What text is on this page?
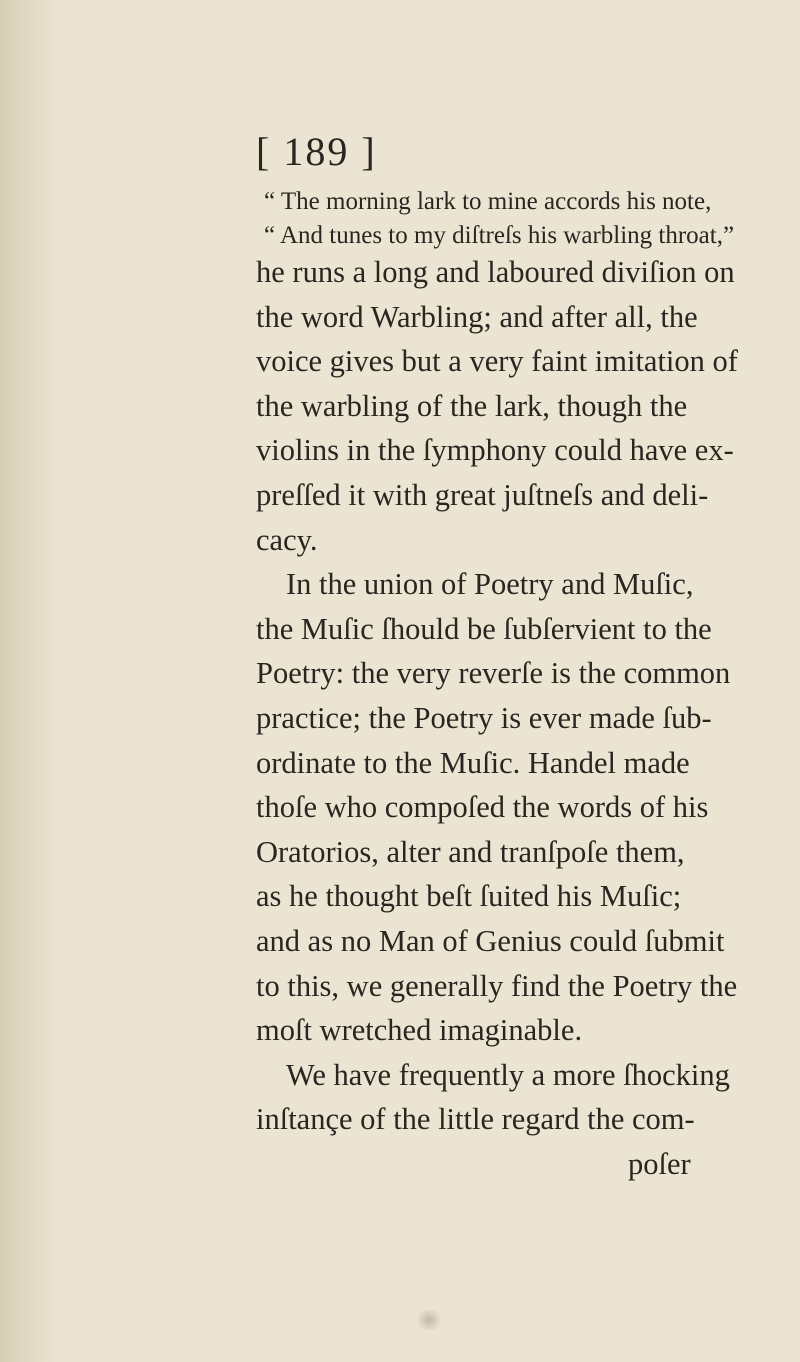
[ 189 ]
“ The morning lark to mine accords his note,
“ And tunes to my diſtreſs his warbling throat,”
he runs a long and laboured diviſion on
the word Warbling; and after all, the
voice gives but a very faint imitation of
the warbling of the lark, though the
violins in the ſymphony could have ex-
preſſed it with great juſtneſs and deli-
cacy.
In the union of Poetry and Muſic,
the Muſic ſhould be ſubſervient to the
Poetry: the very reverſe is the common
practice; the Poetry is ever made ſub-
ordinate to the Muſic. Handel made
thoſe who compoſed the words of his
Oratorios, alter and tranſpoſe them,
as he thought beſt ſuited his Muſic;
and as no Man of Genius could ſubmit
to this, we generally find the Poetry the
moſt wretched imaginable.
We have frequently a more ſhocking
inſtançe of the little regard the com-
poſer
